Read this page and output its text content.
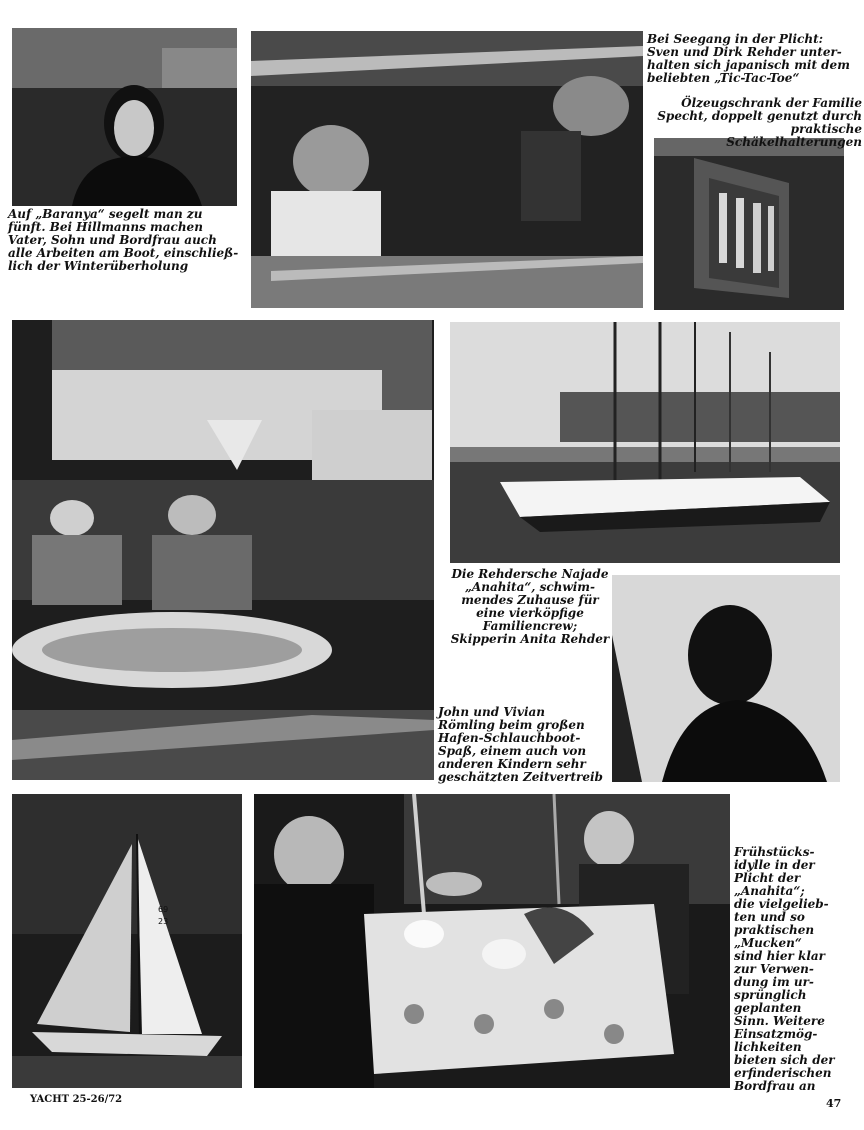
69
23

Auf „Baranya“ segelt man zu

fünft. Bei Hillmanns machen

Vater, Sohn und Bordfrau auch

alle Arbeiten am Boot, einschließ-

lich der Winterüberholung

Bei Seegang in der Plicht:

Sven und Dirk Rehder unter-

halten sich japanisch mit dem

beliebten „Tic-Tac-Toe“

Ölzeugschrank der Familie

Specht, doppelt genutzt durch

praktische Schäkelhalterungen

Die Rehdersche Najade

„Anahita“, schwim-

mendes Zuhause für

eine vierköpfige

Familiencrew;

Skipperin Anita Rehder

John und Vivian

Römling beim großen

Hafen-Schlauchboot-

Spaß, einem auch von

anderen Kindern sehr

geschätzten Zeitvertreib

Frühstücks-

idylle in der

Plicht der

„Anahita“;

die vielgelieb-

ten und so

praktischen

„Mucken“

sind hier klar

zur Verwen-

dung im ur-

sprünglich

geplanten

Sinn. Weitere

Einsatzmög-

lichkeiten

bieten sich der

erfinderischen

Bordfrau an

YACHT 25-26/72	47
